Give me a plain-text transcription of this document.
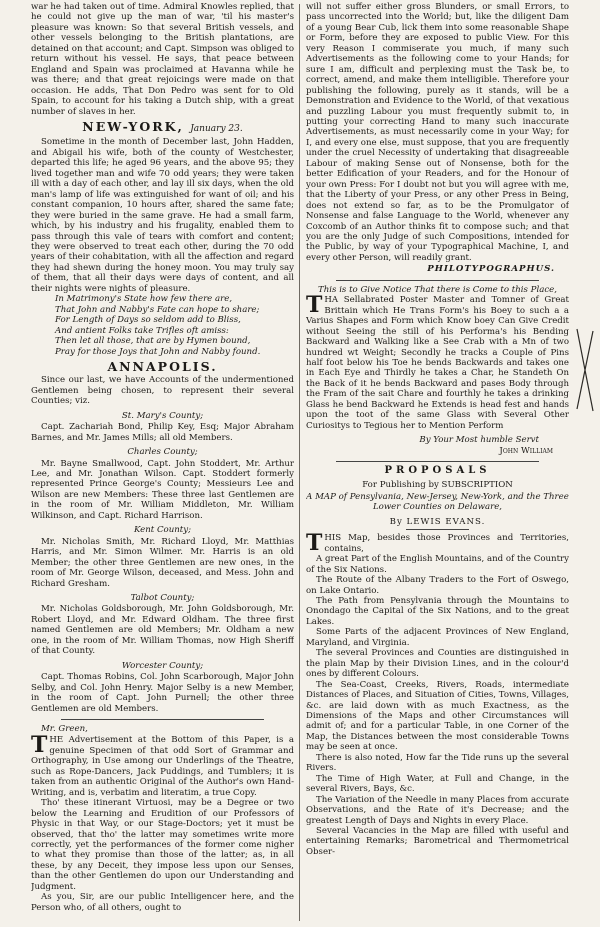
war he had taken out of time. Admiral Knowles replied, that he could not give up the man of war, 'til his master's pleasure was known: So that several British vessels, and other vessels belonging to the British plantations, are detained on that account; and Capt. Simpson was obliged to return without his vessel. He says, that peace between England and Spain was proclaimed at Havanna while he was there; and that great rejoicings were made on that occasion. He adds, That Don Pedro was sent for to Old Spain, to account for his taking a Dutch ship, with a great number of slaves in her.

NEW-YORK, January 23.

Sometime in the month of December last, John Hadden, and Abigail his wife, both of the county of Westchester, departed this life; he aged 96 years, and the above 95; they lived together man and wife 70 odd years; they were taken ill with a day of each other, and lay ill six days, when the old man's lamp of life was extinguished for want of oil; and his constant companion, 10 hours after, shared the same fate; they were buried in the same grave. He had a small farm, which, by his industry and his frugality, enabled them to pass through this vale of tears with comfort and content; they were observed to treat each other, during the 70 odd years of their cohabitation, with all the affection and regard they had shewn during the honey moon. You may truly say of them, that all their days were days of content, and all their nights were nights of pleasure.

In Matrimony's State how few there are,
That John and Nabby's Fate can hope to share;
For Length of Days so seldom add to Bliss,
And antient Folks take Trifles oft amiss:
Then let all those, that are by Hymen bound,
Pray for those Joys that John and Nabby found.
ANNAPOLIS.

Since our last, we have Accounts of the undermentioned Gentlemen being chosen, to represent their several Counties; viz.

St. Mary's County;

Capt. Zachariah Bond, Philip Key, Esq; Major Abraham Barnes, and Mr. James Mills; all old Members.

Charles County;

Mr. Bayne Smallwood, Capt. John Stoddert, Mr. Arthur Lee, and Mr. Jonathan Wilson. Capt. Stoddert formerly represented Prince George's County; Messieurs Lee and Wilson are new Members: These three last Gentlemen are in the room of Mr. William Middleton, Mr. William Wilkinson, and Capt. Richard Harrison.

Kent County;

Mr. Nicholas Smith, Mr. Richard Lloyd, Mr. Matthias Harris, and Mr. Simon Wilmer. Mr. Harris is an old Member; the other three Gentlemen are new ones, in the room of Mr. George Wilson, deceased, and Mess. John and Richard Gresham.

Talbot County;

Mr. Nicholas Goldsborough, Mr. John Goldsborough, Mr. Robert Lloyd, and Mr. Edward Oldham. The three first named Gentlemen are old Members; Mr. Oldham a new one, in the room of Mr. William Thomas, now High Sheriff of that County.

Worcester County;

Capt. Thomas Robins, Col. John Scarborough, Major John Selby, and Col. John Henry. Major Selby is a new Member, in the room of Capt. John Purnell; the other three Gentlemen are old Members.

Mr. Green,

THE Advertisement at the Bottom of this Paper, is a genuine Specimen of that odd Sort of Grammar and Orthography, in Use among our Underlings of the Theatre, such as Rope-Dancers, Jack Puddings, and Tumblers; it is taken from an authentic Original of the Author's own Hand-Writing, and is, verbatim and literatim, a true Copy.

Tho' these itinerant Virtuosi, may be a Degree or two below the Learning and Erudition of our Professors of Physic in that Way, or our Stage-Doctors; yet it must be observed, that tho' the latter may sometimes write more correctly, yet the performances of the former come nigher to what they promise than those of the latter; as, in all these, by any Deceit, they impose less upon our Senses, than the other Gentlemen do upon our Understanding and Judgment.

As you, Sir, are our public Intelligencer here, and the Person who, of all others, ought to

will not suffer either gross Blunders, or small Errors, to pass uncorrected into the World; but, like the diligent Dam of a young Bear Cub, lick them into some reasonable Shape or Form, before they are exposed to public View. For this very Reason I commiserate you much, if many such Advertisements as the following come to your Hands; for sure I am, difficult and perplexing must the Task be, to correct, amend, and make them intelligible. Therefore your publishing the following, purely as it stands, will be a Demonstration and Evidence to the World, of that vexatious and puzzling Labour you must frequently submit to, in putting your correcting Hand to many such inaccurate Advertisements, as must necessarily come in your Way; for I, and every one else, must suppose, that you are frequently under the cruel Necessity of undertaking that disagreeable Labour of making Sense out of Nonsense, both for the better Edification of your Readers, and for the Honour of your own Press: For I doubt not but you will agree with me, that the Liberty of your Press, or any other Press in Being, does not extend so far, as to be the Promulgator of Nonsense and false Language to the World, whenever any Coxcomb of an Author thinks fit to compose such; and that you are the only Judge of such Compositions, intended for the Public, by way of your Typographical Machine, I, and every other Person, will readily grant.

PHILOTYPOGRAPHUS.

This is to Give Notice That there is Come to this Place,

THA Sellabrated Poster Master and Tomner of Great Brittain which He Trans Form's his Boey to such a a Varius Shapes and Form which Know boey Can Give Credit without Seeing the still of his Performa's his Bending Backward and Walking like a See Crab with a Mn of two hundred wt Weight; Secondly he tracks a Couple of Pins half foot below his Toe he bends Backwards and takes one in Each Eye and Thirdly he takes a Char, he Standeth On the Back of it he bends Backward and pases Body through the Fram of the sait Chare and fourthly he takes a drinking Glass he bend Backward he Extends is head fest and hands upon the toot of the same Glass with Several Other Curiositys to Tegious her to Mention Perform

By Your Most humble Servt
John William
PROPOSALS
For Publishing by SUBSCRIPTION

A MAP of Pensylvania, New-Jersey, New-York, and the Three Lower Counties on Delaware,

By LEWIS EVANS.

THIS Map, besides those Provinces and Territories, contains,

A great Part of the English Mountains, and of the Country of the Six Nations.

The Route of the Albany Traders to the Fort of Oswego, on Lake Ontario.

The Path from Pensylvania through the Mountains to Onondago the Capital of the Six Nations, and to the great Lakes.

Some Parts of the adjacent Provinces of New England, Maryland, and Virginia.

The several Provinces and Counties are distinguished in the plain Map by their Division Lines, and in the colour'd ones by different Colours.

The Sea-Coast, Creeks, Rivers, Roads, intermediate Distances of Places, and Situation of Cities, Towns, Villages, &c. are laid down with as much Exactness, as the Dimensions of the Maps and other Circumstances will admit of; and for a particular Table, in one Corner of the Map, the Distances between the most considerable Towns may be seen at once.

There is also noted, How far the Tide runs up the several Rivers.

The Time of High Water, at Full and Change, in the several Rivers, Bays, &c.

The Variation of the Needle in many Places from accurate Observations, and the Rate of it's Decrease; and the greatest Length of Days and Nights in every Place.

Several Vacancies in the Map are filled with useful and entertaining Remarks; Barometrical and Thermometrical Obser-
